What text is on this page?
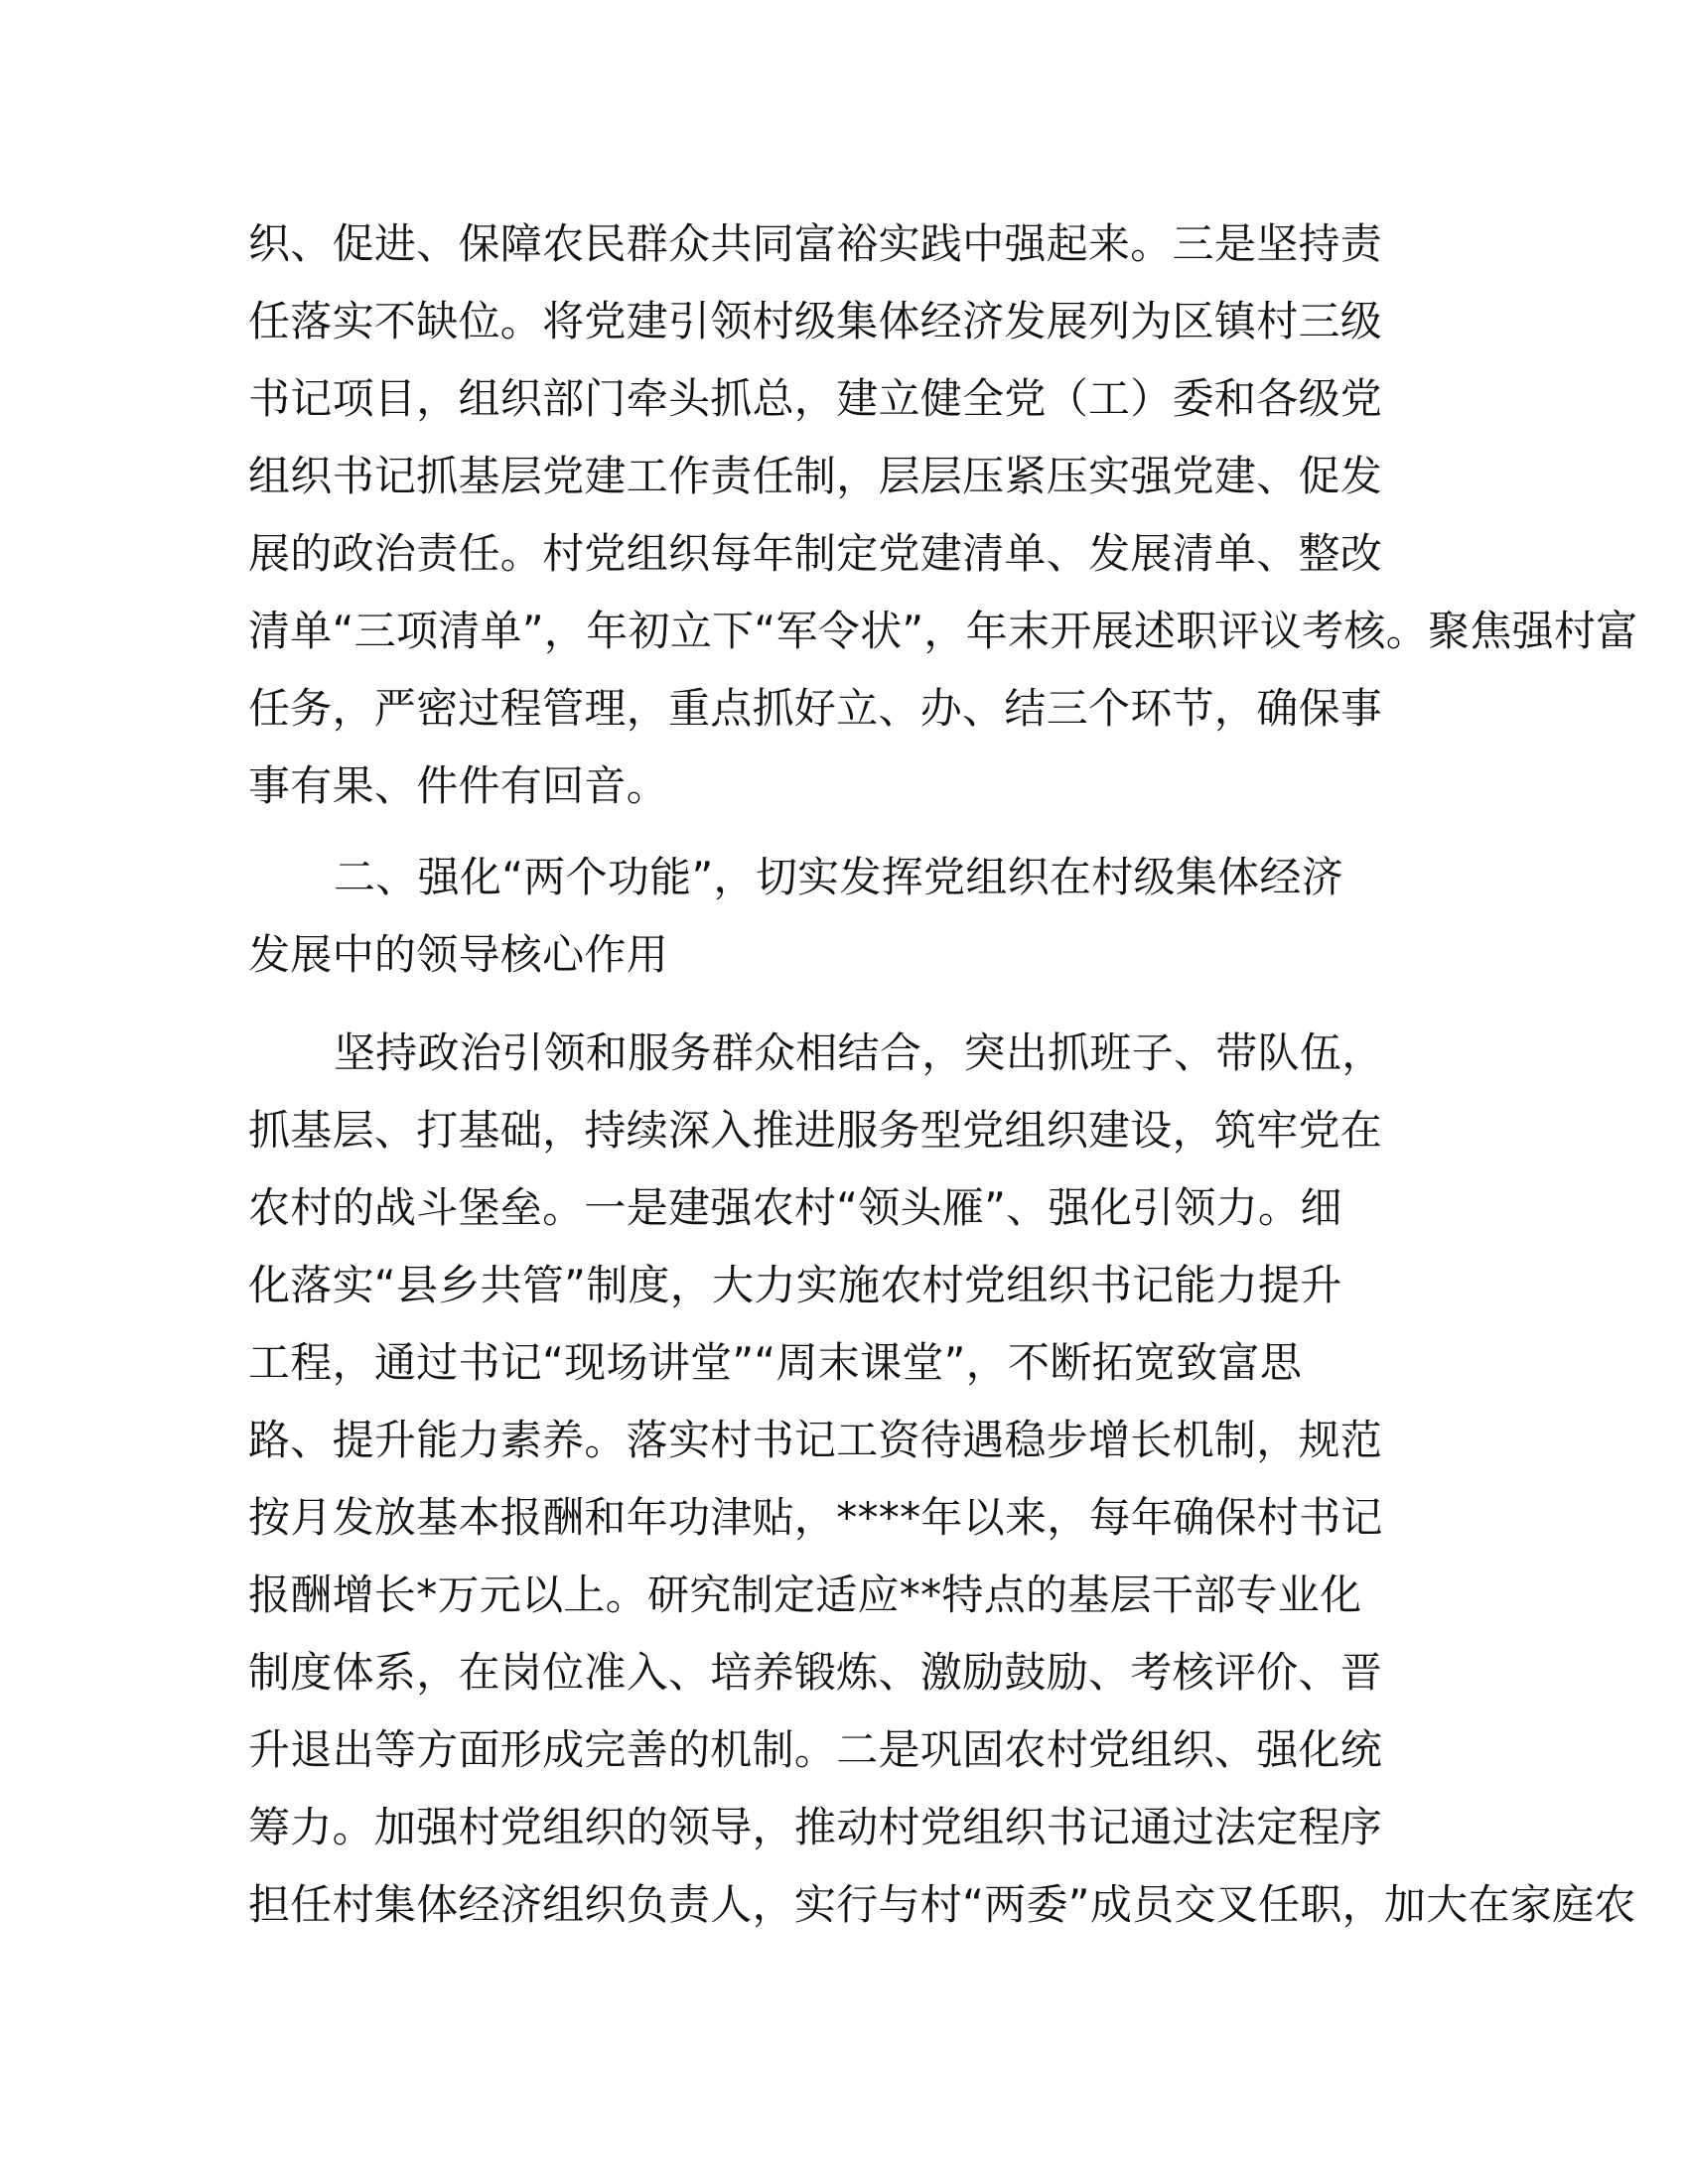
织、促进、保障农民群众共同富裕实践中强起来。三是坚持责
任落实不缺位。将党建引领村级集体经济发展列为区镇村三级
书记项目，组织部门牵头抓总，建立健全党（工）委和各级党
组织书记抓基层党建工作责任制，层层压紧压实强党建、促发
展的政治责任。村党组织每年制定党建清单、发展清单、整改
清单“三项清单”，年初立下“军令状”，年末开展述职评议考核。聚焦强村富
任务，严密过程管理，重点抓好立、办、结三个环节，确保事
事有果、件件有回音。
二、强化“两个功能”，切实发挥党组织在村级集体经济
发展中的领导核心作用
坚持政治引领和服务群众相结合，突出抓班子、带队伍，
抓基层、打基础，持续深入推进服务型党组织建设，筑牢党在
农村的战斗堡垒。一是建强农村“领头雁”、强化引领力。细
化落实“县乡共管”制度，大力实施农村党组织书记能力提升
工程，通过书记“现场讲堂”“周末课堂”，不断拓宽致富思
路、提升能力素养。落实村书记工资待遇稳步增长机制，规范
按月发放基本报酬和年功津贴，****年以来，每年确保村书记
报酬增长*万元以上。研究制定适应**特点的基层干部专业化
制度体系，在岗位准入、培养锻炼、激励鼓励、考核评价、晋
升退出等方面形成完善的机制。二是巩固农村党组织、强化统
筹力。加强村党组织的领导，推动村党组织书记通过法定程序
担任村集体经济组织负责人，实行与村“两委”成员交叉任职，加大在家庭农
